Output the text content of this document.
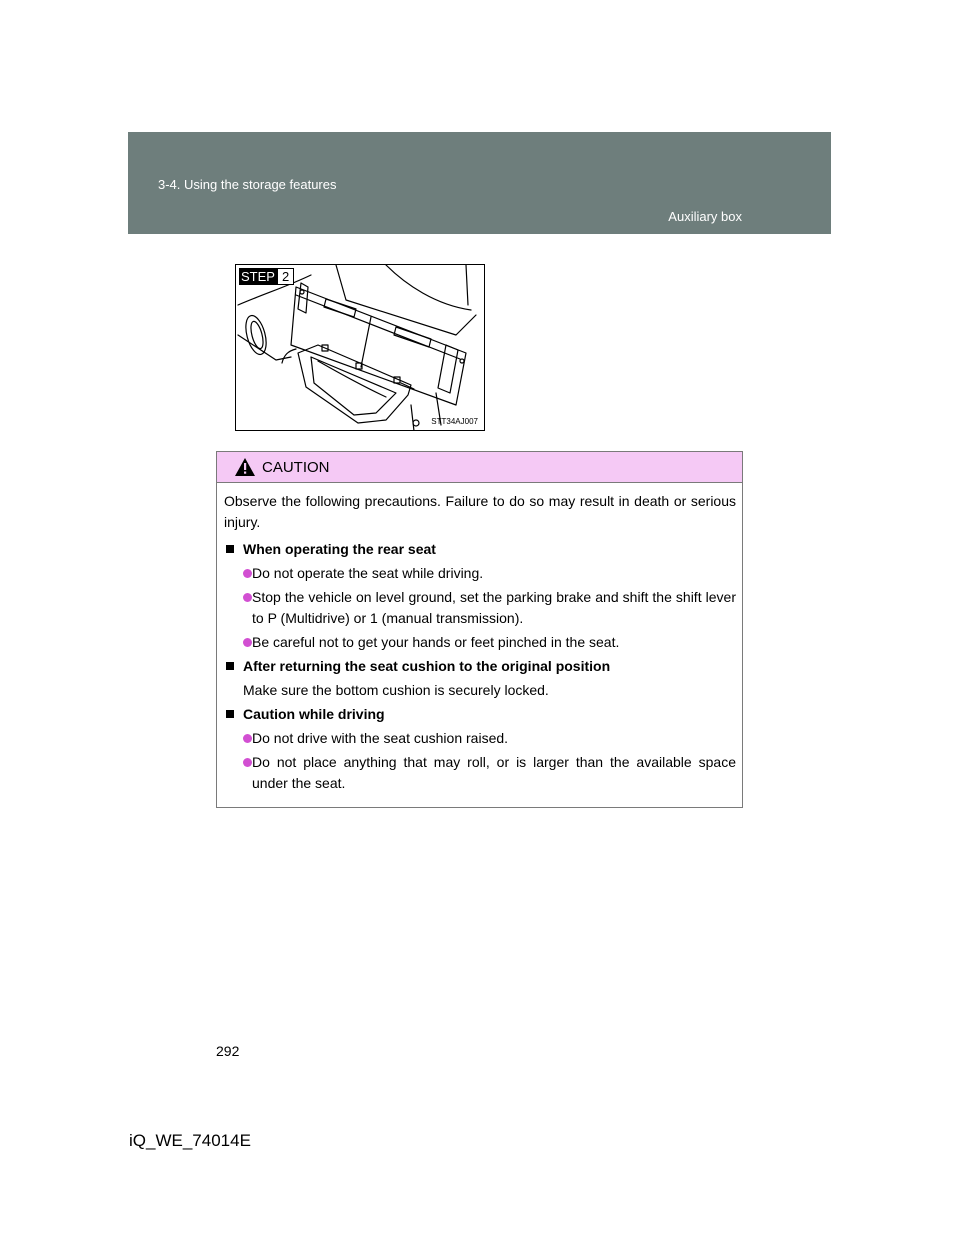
3-4. Using the storage features
Auxiliary box
STEP 2
STT34AJ007
CAUTION

Observe the following precautions. Failure to do so may result in death or serious injury.

When operating the rear seat
Do not operate the seat while driving.
Stop the vehicle on level ground, set the parking brake and shift the shift lever to P (Multidrive) or 1 (manual transmission).
Be careful not to get your hands or feet pinched in the seat.
After returning the seat cushion to the original position
Make sure the bottom cushion is securely locked.
Caution while driving
Do not drive with the seat cushion raised.
Do not place anything that may roll, or is larger than the available space under the seat.
292
iQ_WE_74014E
